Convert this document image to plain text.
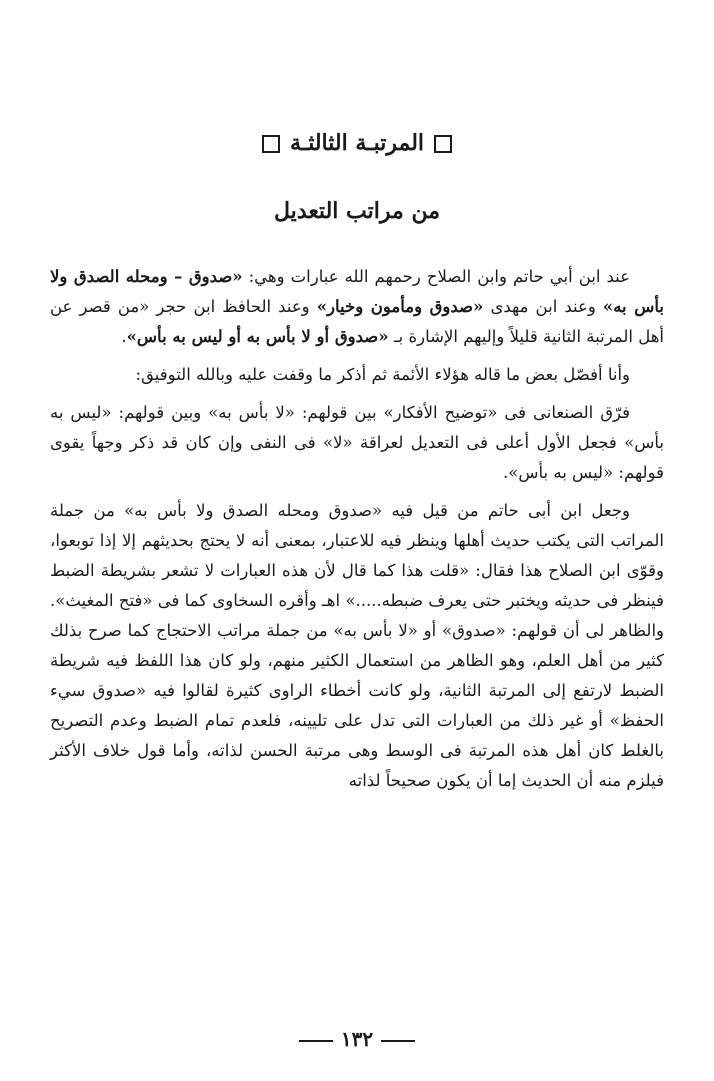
المرتبـة الثالثـة
من مراتب التعديل

عند ابن أبي حاتم وابن الصلاح رحمهم الله عبارات وهي: «صدوق – ومحله الصدق ولا بأس به» وعند ابن مهدى «صدوق ومأمون وخيار» وعند الحافظ ابن حجر «من قصر عن أهل المرتبة الثانية قليلاً وإليهم الإشارة بـ «صدوق أو لا بأس به أو ليس به بأس».

وأنا أفصّل بعض ما قاله هؤلاء الأئمة ثم أذكر ما وقفت عليه وبالله التوفيق:

فرّق الصنعانى فى «توضيح الأفكار» بين قولهم: «لا بأس به» وبين قولهم: «ليس به بأس» فجعل الأول أعلى فى التعديل لعراقة «لا» فى النفى وإن كان قد ذكر وجهاً يقوى قولهم: «ليس به بأس».

وجعل ابن أبى حاتم من قيل فيه «صدوق ومحله الصدق ولا بأس به» من جملة المراتب التى يكتب حديث أهلها وينظر فيه للاعتبار، بمعنى أنه لا يحتج بحديثهم إلا إذا توبعوا، وقوّى ابن الصلاح هذا فقال: «قلت هذا كما قال لأن هذه العبارات لا تشعر بشريطة الضبط فينظر فى حديثه ويختبر حتى يعرف ضبطه.....» اهـ وأقره السخاوى كما فى «فتح المغيث». والظاهر لى أن قولهم: «صدوق» أو «لا بأس به» من جملة مراتب الاحتجاج كما صرح بذلك كثير من أهل العلم، وهو الظاهر من استعمال الكثير منهم، ولو كان هذا اللفظ فيه شريطة الضبط لارتفع إلى المرتبة الثانية، ولو كانت أخطاء الراوى كثيرة لقالوا فيه «صدوق سيء الحفظ» أو غير ذلك من العبارات التى تدل على تليينه، فلعدم تمام الضبط وعدم التصريح بالغلط كان أهل هذه المرتبة فى الوسط وهى مرتبة الحسن لذاته، وأما قول خلاف الأكثر فيلزم منه أن الحديث إما أن يكون صحيحاً لذاته

١٣٢
